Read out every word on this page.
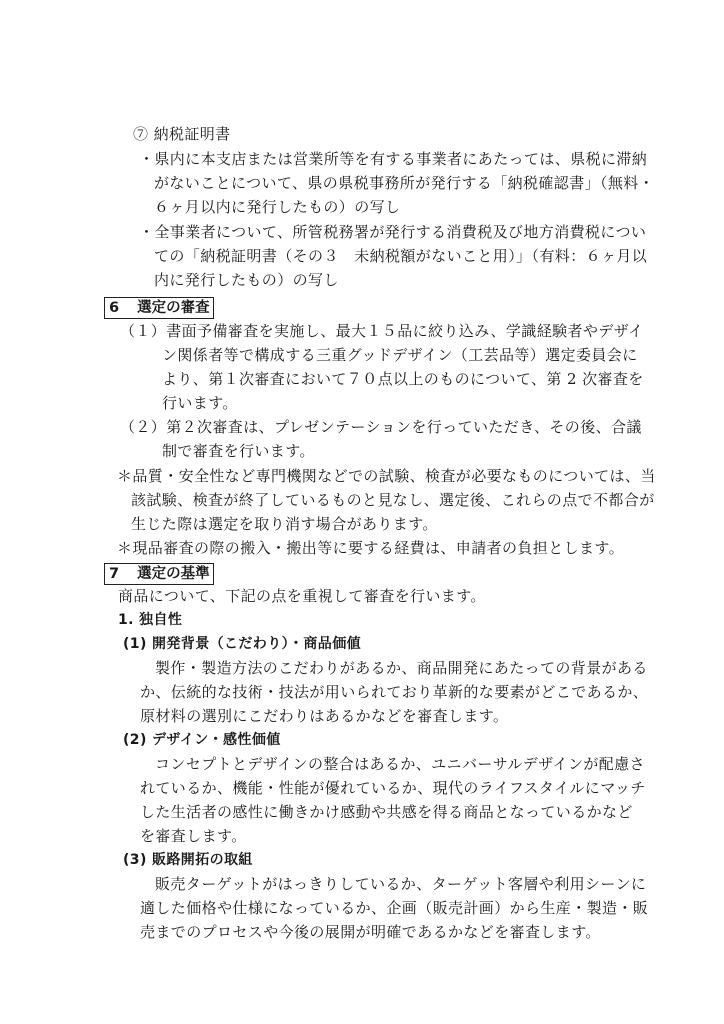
⑦ 納税証明書
・県内に本支店または営業所等を有する事業者にあたっては、県税に滞納
がないことについて、県の県税事務所が発行する「納税確認書」（無料・
６ヶ月以内に発行したもの）の写し
・全事業者について、所管税務署が発行する消費税及び地方消費税につい
ての「納税証明書（その３　未納税額がないこと用）」（有料：６ヶ月以
内に発行したもの）の写し
6 選定の審査
（１）書面予備審査を実施し、最大１５品に絞り込み、学識経験者やデザイ
ン関係者等で構成する三重グッドデザイン（工芸品等）選定委員会に
より、第１次審査において７０点以上のものについて、第 2 次審査を
行います。
（２）第２次審査は、プレゼンテーションを行っていただき、その後、合議
制で審査を行います。
＊品質・安全性など専門機関などでの試験、検査が必要なものについては、当
該試験、検査が終了しているものと見なし、選定後、これらの点で不都合が
生じた際は選定を取り消す場合があります。
＊現品審査の際の搬入・搬出等に要する経費は、申請者の負担とします。
7 選定の基準
商品について、下記の点を重視して審査を行います。
1. 独自性
(1) 開発背景（こだわり）・商品価値
製作・製造方法のこだわりがあるか、商品開発にあたっての背景がある
か、伝統的な技術・技法が用いられており革新的な要素がどこであるか、
原材料の選別にこだわりはあるかなどを審査します。
(2) デザイン・感性価値
コンセプトとデザインの整合はあるか、ユニバーサルデザインが配慮さ
れているか、機能・性能が優れているか、現代のライフスタイルにマッチ
した生活者の感性に働きかけ感動や共感を得る商品となっているかなど
を審査します。
(3) 販路開拓の取組
販売ターゲットがはっきりしているか、ターゲット客層や利用シーンに
適した価格や仕様になっているか、企画（販売計画）から生産・製造・販
売までのプロセスや今後の展開が明確であるかなどを審査します。
